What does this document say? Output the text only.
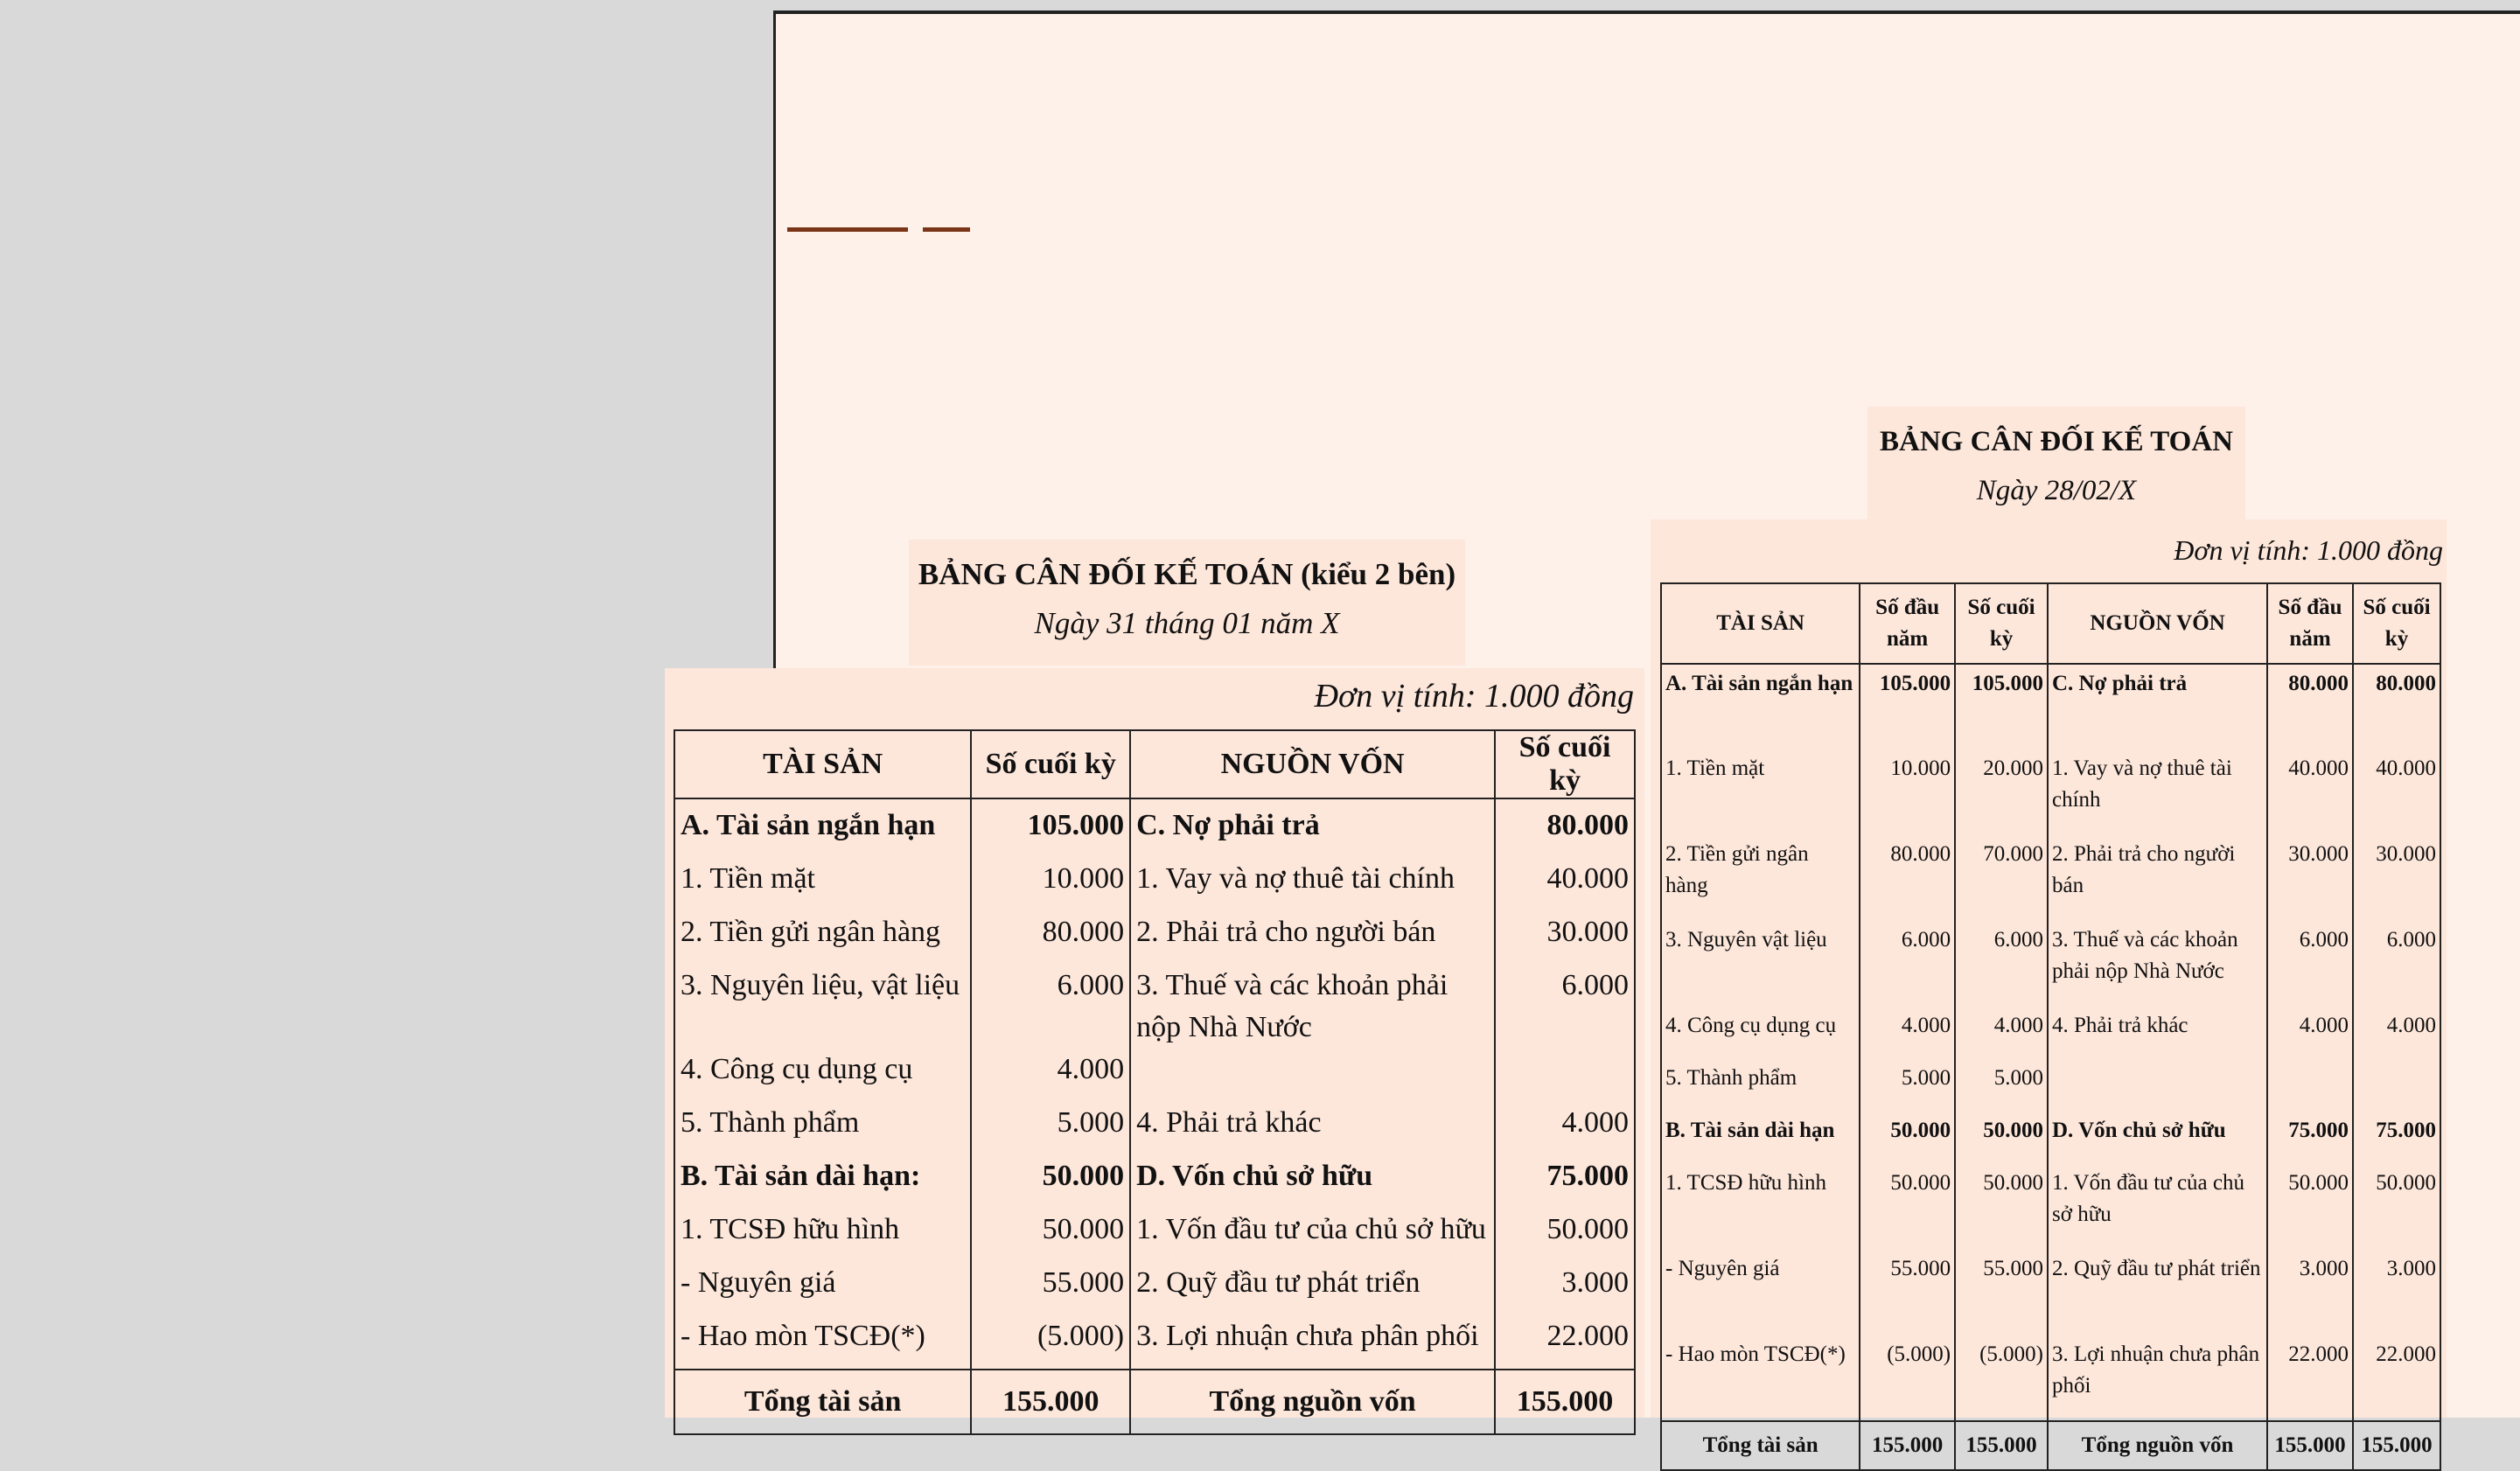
BẢNG CÂN ĐỐI KẾ TOÁN (kiểu 2 bên)
Ngày 31 tháng 01 năm X
Đơn vị tính: 1.000 đồng
TÀI SẢN	Số cuối kỳ	NGUỒN VỐN	Số cuối kỳ
A. Tài sản ngắn hạn	105.000	C. Nợ phải trả	80.000
1. Tiền mặt	10.000	1. Vay và nợ thuê tài chính	40.000
2. Tiền gửi ngân hàng	80.000	2. Phải trả cho người bán	30.000
3. Nguyên liệu, vật liệu	6.000	3. Thuế và các khoản phải nộp Nhà Nước	6.000
4. Công cụ dụng cụ	4.000		
5. Thành phẩm	5.000	4. Phải trả khác	4.000
B. Tài sản dài hạn:	50.000	D. Vốn chủ sở hữu	75.000
1. TCSĐ hữu hình	50.000	1. Vốn đầu tư của chủ sở hữu	50.000
- Nguyên giá	55.000	2. Quỹ đầu tư phát triển	3.000
- Hao mòn TSCĐ(*)	(5.000)	3. Lợi nhuận chưa phân phối	22.000
Tổng tài sản	155.000	Tổng nguồn vốn	155.000
BẢNG CÂN ĐỐI KẾ TOÁN
Ngày 28/02/X
Đơn vị tính: 1.000 đồng
TÀI SẢN	Số đầu năm	Số cuối kỳ	NGUỒN VỐN	Số đầu năm	Số cuối kỳ
A. Tài sản ngắn hạn	105.000	105.000	C. Nợ phải trả	80.000	80.000
1. Tiền mặt	10.000	20.000	1. Vay và nợ thuê tài chính	40.000	40.000
2. Tiền gửi ngân hàng	80.000	70.000	2. Phải trả cho người bán	30.000	30.000
3. Nguyên vật liệu	6.000	6.000	3. Thuế và các khoản phải nộp Nhà Nước	6.000	6.000
4. Công cụ dụng cụ	4.000	4.000	4. Phải trả khác	4.000	4.000
5. Thành phẩm	5.000	5.000			
B. Tài sản dài hạn	50.000	50.000	D. Vốn chủ sở hữu	75.000	75.000
1. TCSĐ hữu hình	50.000	50.000	1. Vốn đầu tư của chủ sở hữu	50.000	50.000
- Nguyên giá	55.000	55.000	2. Quỹ đầu tư phát triển	3.000	3.000
- Hao mòn TSCĐ(*)	(5.000)	(5.000)	3. Lợi nhuận chưa phân phối	22.000	22.000
Tổng tài sản	155.000	155.000	Tổng nguồn vốn	155.000	155.000
